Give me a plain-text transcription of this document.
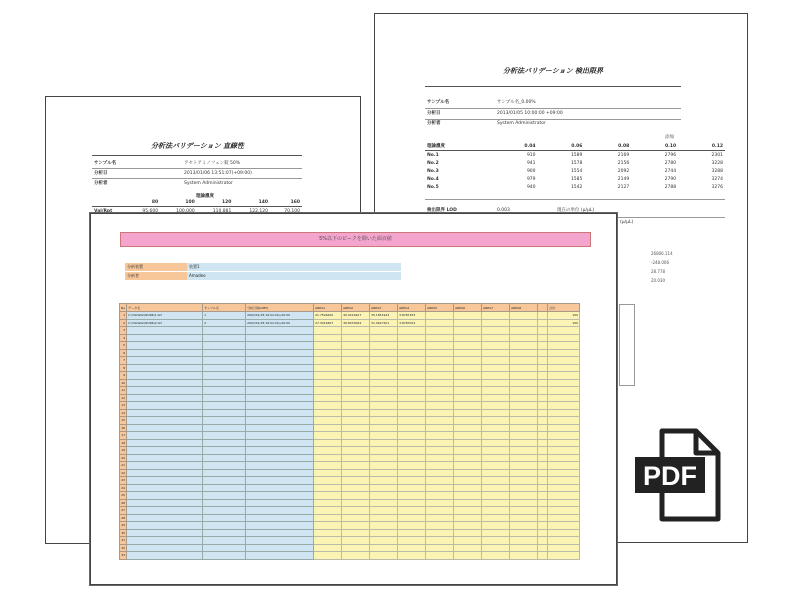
分析法バリデーション 検出限界
サンプル名	サンプル名_0.00%
分析日	2013/01/05 10:00:00 +09:00
分析者	System Administrator
添加
理論濃度	0.04	0.06	0.08	0.10	0.12
No.1	910	1589	2169	2796	2301
No.2	941	1578	2156	2780	3228
No.3	900	1554	2092	2744	3288
No.4	979	1585	2149	2790	3274
No.5	940	1542	2127	2788	3276
検出限界 LOD	0.003	現在の単位 (μ/μL)
(μ/μL)
26806.114
-248.006
28.778
20.030
分析法バリデーション 直線性
サンプル名	アセトアミノフェン錠 50%
分析日	2013/01/06 13:51:07(+09:00)
分析者	System Administrator
理論濃度
	80	100	120	140	160
Val/Rpt	95.600	100.000	110.881	122.120	70.100
5%以下のピークを除いた面百値
分析装置	装置1
分析者	Amadeo
No	データ名	サンプル名	分析日時(GMT)	AREA1	AREA2	AREA3	AREA4	AREA5	AREA6	AREA7	AREA8		合計
1	C:\CSData\WORK\1.txt	1	2002/01/18 16:02:20+00:00	21.7594620	40.0216207	35.1851943	3.8787453						100
2	C:\CSData\WORK\2.txt	2	2002/01/18 16:02:20+00:00	27.3016467	36.8233064	31.0627201	3.8783014						100
3													
4													
5													
6													
7													
8													
9													
10													
11													
12													
13													
14													
15													
16													
17													
18													
19													
20													
21													
22													
23													
24													
25													
26													
27													
28													
29													
30													
31													
32													
33													
PDF
